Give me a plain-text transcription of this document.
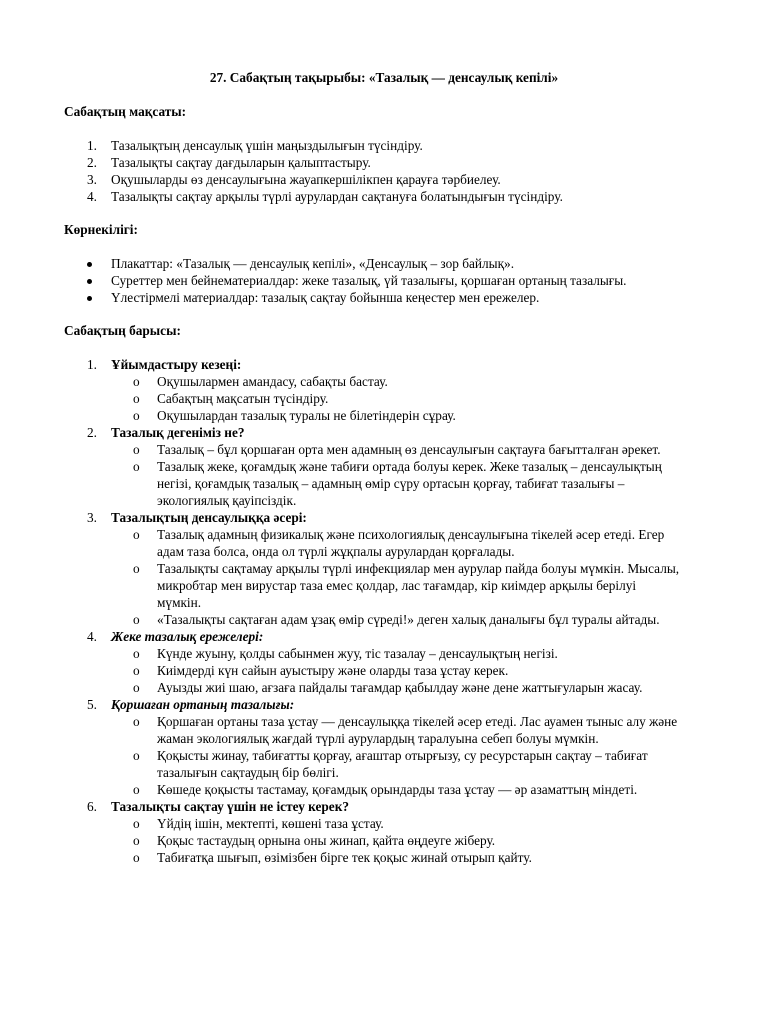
27. Сабақтың тақырыбы: «Тазалық — денсаулық кепілі»

Сабақтың мақсаты:

1. Тазалықтың денсаулық үшін маңыздылығын түсіндіру.
2. Тазалықты сақтау дағдыларын қалыптастыру.
3. Оқушыларды өз денсаулығына жауапкершілікпен қарауға тәрбиелеу.
4. Тазалықты сақтау арқылы түрлі аурулардан сақтануға болатындығын түсіндіру.

Көрнекілігі:

Плакаттар: «Тазалық — денсаулық кепілі», «Денсаулық – зор байлық».
Суреттер мен бейнематериалдар: жеке тазалық, үй тазалығы, қоршаған ортаның тазалығы.
Үлестірмелі материалдар: тазалық сақтау бойынша кеңестер мен ережелер.

Сабақтың барысы:

1. Ұйымдастыру кезеңі:
o Оқушылармен амандасу, сабақты бастау.
o Сабақтың мақсатын түсіндіру.
o Оқушылардан тазалық туралы не білетіндерін сұрау.
2. Тазалық дегеніміз не?
o Тазалық – бұл қоршаған орта мен адамның өз денсаулығын сақтауға бағытталған әрекет.
o Тазалық жеке, қоғамдық және табиғи ортада болуы керек. Жеке тазалық – денсаулықтың негізі, қоғамдық тазалық – адамның өмір сүру ортасын қорғау, табиғат тазалығы – экологиялық қауіпсіздік.
3. Тазалықтың денсаулыққа әсері:
o Тазалық адамның физикалық және психологиялық денсаулығына тікелей әсер етеді. Егер адам таза болса, онда ол түрлі жұқпалы аурулардан қорғалады.
o Тазалықты сақтамау арқылы түрлі инфекциялар мен аурулар пайда болуы мүмкін. Мысалы, микробтар мен вирустар таза емес қолдар, лас тағамдар, кір киімдер арқылы берілуі мүмкін.
o «Тазалықты сақтаған адам ұзақ өмір сүреді!» деген халық даналығы бұл туралы айтады.
4. Жеке тазалық ережелері:
o Күнде жуыну, қолды сабынмен жуу, тіс тазалау – денсаулықтың негізі.
o Киімдерді күн сайын ауыстыру және оларды таза ұстау керек.
o Ауызды жиі шаю, ағзаға пайдалы тағамдар қабылдау және дене жаттығуларын жасау.
5. Қоршаған ортаның тазалығы:
o Қоршаған ортаны таза ұстау — денсаулыққа тікелей әсер етеді. Лас ауамен тыныс алу және жаман экологиялық жағдай түрлі аурулардың таралуына себеп болуы мүмкін.
o Қоқысты жинау, табиғатты қорғау, ағаштар отырғызу, су ресурстарын сақтау – табиғат тазалығын сақтаудың бір бөлігі.
o Көшеде қоқысты тастамау, қоғамдық орындарды таза ұстау — әр азаматтың міндеті.
6. Тазалықты сақтау үшін не істеу керек?
o Үйдің ішін, мектепті, көшені таза ұстау.
o Қоқыс тастаудың орнына оны жинап, қайта өңдеуге жіберу.
o Табиғатқа шығып, өзімізбен бірге тек қоқыс жинай отырып қайту.
